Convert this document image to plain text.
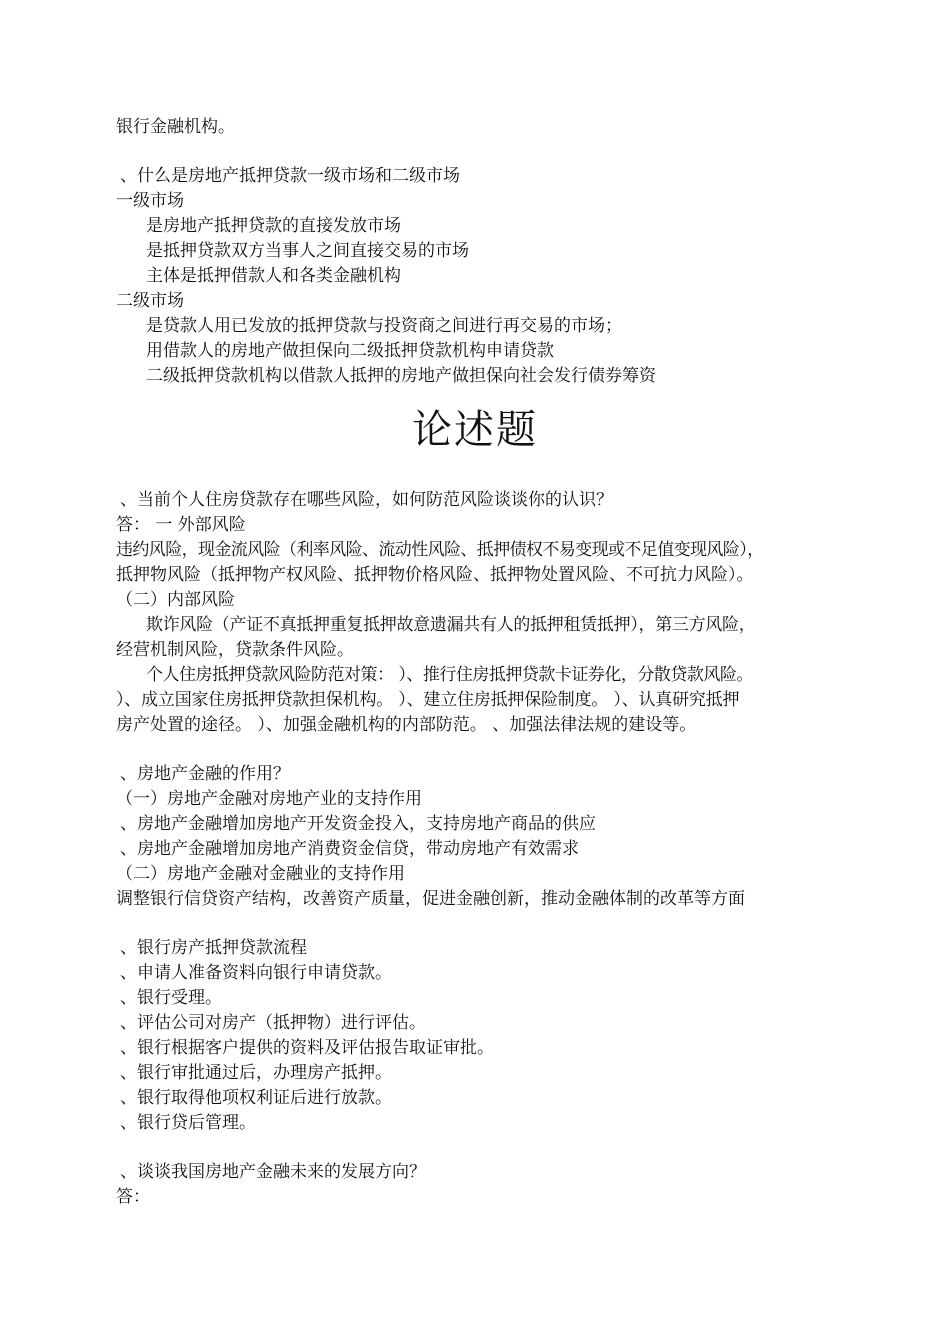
银行金融机构。
、什么是房地产抵押贷款一级市场和二级市场
一级市场
是房地产抵押贷款的直接发放市场
是抵押贷款双方当事人之间直接交易的市场
主体是抵押借款人和各类金融机构
二级市场
是贷款人用已发放的抵押贷款与投资商之间进行再交易的市场；
用借款人的房地产做担保向二级抵押贷款机构申请贷款
二级抵押贷款机构以借款人抵押的房地产做担保向社会发行债券筹资
论述题
、当前个人住房贷款存在哪些风险，如何防范风险谈谈你的认识？
答： 一 外部风险
违约风险，现金流风险（利率风险、流动性风险、抵押债权不易变现或不足值变现风险），
抵押物风险（抵押物产权风险、抵押物价格风险、抵押物处置风险、不可抗力风险）。
（二）内部风险
欺诈风险（产证不真抵押重复抵押故意遗漏共有人的抵押租赁抵押），第三方风险，
经营机制风险，贷款条件风险。
个人住房抵押贷款风险防范对策： ）、推行住房抵押贷款卡证券化，分散贷款风险。
）、成立国家住房抵押贷款担保机构。 ）、建立住房抵押保险制度。 ）、认真研究抵押
房产处置的途径。 ）、加强金融机构的内部防范。 、加强法律法规的建设等。
、房地产金融的作用？
（一）房地产金融对房地产业的支持作用
、房地产金融增加房地产开发资金投入，支持房地产商品的供应
、房地产金融增加房地产消费资金信贷，带动房地产有效需求
（二）房地产金融对金融业的支持作用
调整银行信贷资产结构，改善资产质量，促进金融创新，推动金融体制的改革等方面
、银行房产抵押贷款流程
、申请人准备资料向银行申请贷款。
、银行受理。
、评估公司对房产（抵押物）进行评估。
、银行根据客户提供的资料及评估报告取证审批。
、银行审批通过后，办理房产抵押。
、银行取得他项权利证后进行放款。
、银行贷后管理。
、谈谈我国房地产金融未来的发展方向？
答：
